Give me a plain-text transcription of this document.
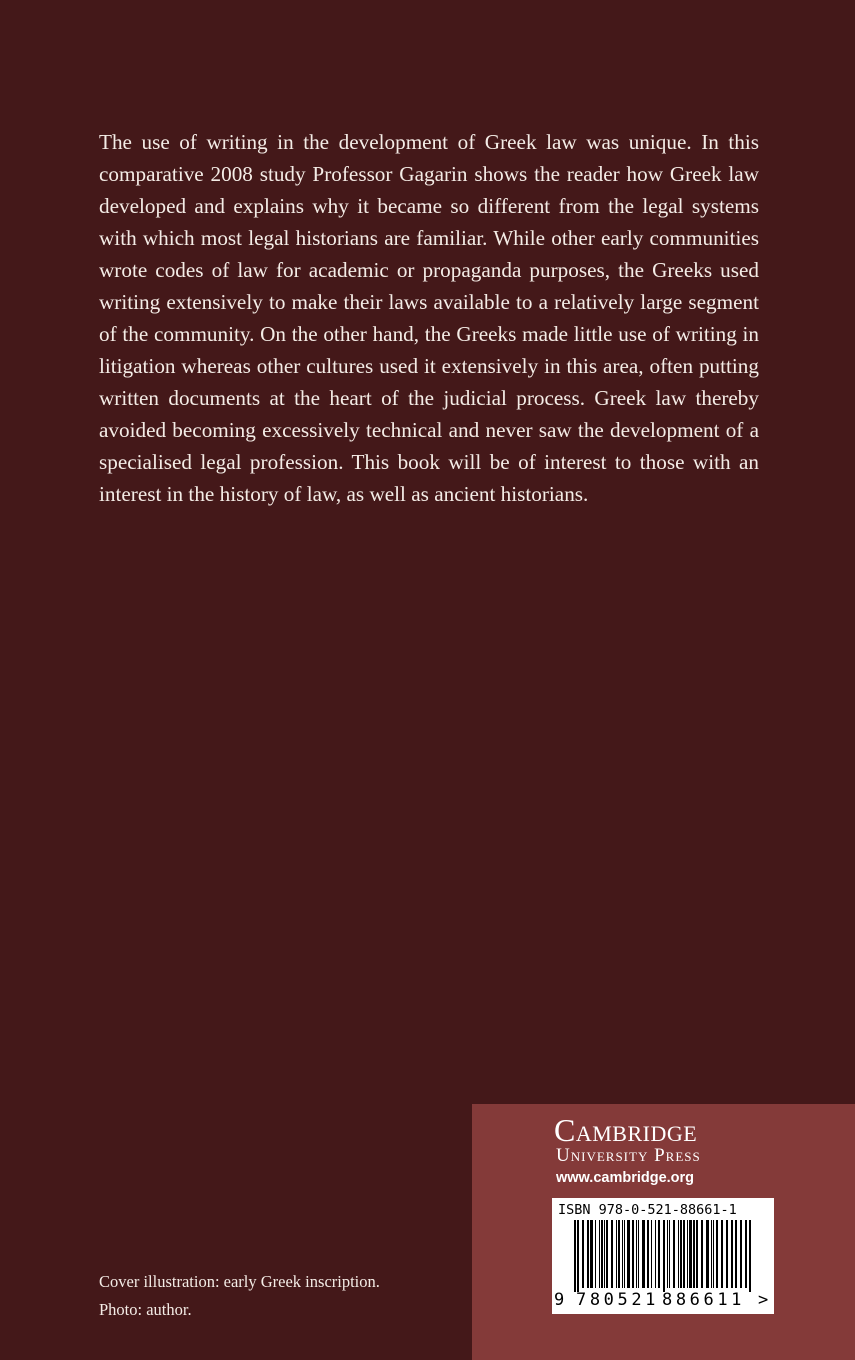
The use of writing in the development of Greek law was unique. In this comparative 2008 study Professor Gagarin shows the reader how Greek law developed and explains why it became so different from the legal systems with which most legal historians are familiar. While other early communities wrote codes of law for academic or propaganda purposes, the Greeks used writing extensively to make their laws available to a relatively large segment of the community. On the other hand, the Greeks made little use of writing in litigation whereas other cultures used it extensively in this area, often putting written documents at the heart of the judicial process. Greek law thereby avoided becoming excessively technical and never saw the development of a specialised legal profession. This book will be of interest to those with an interest in the history of law, as well as ancient historians.

Cover illustration: early Greek inscription.
Photo: author.
Cambridge
University Press
www.cambridge.org
ISBN 978-0-521-88661-1
9 780521 886611 >
